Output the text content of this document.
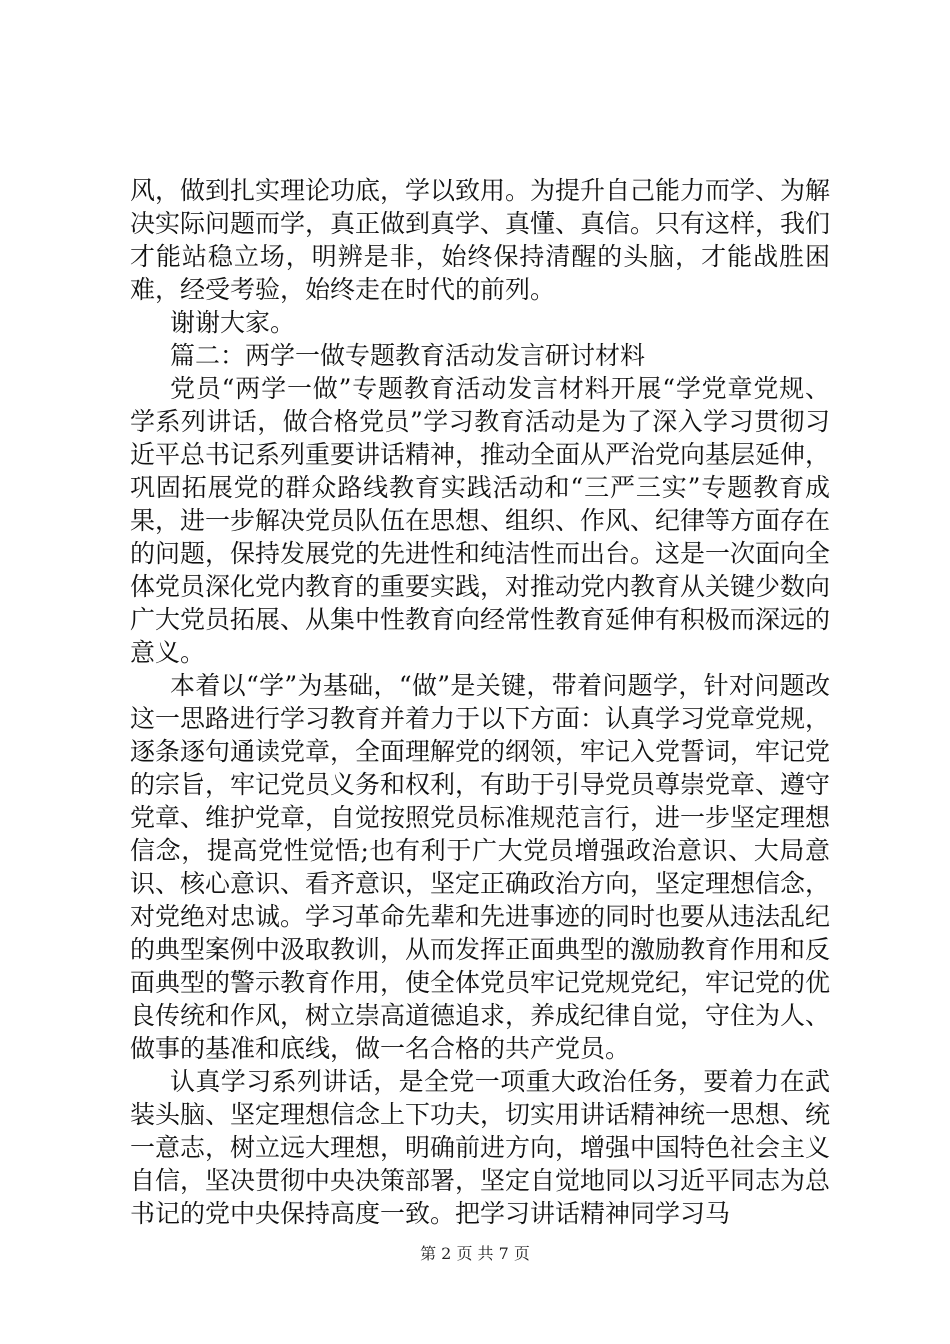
风，做到扎实理论功底，学以致用。为提升自己能力而学、为解决实际问题而学，真正做到真学、真懂、真信。只有这样，我们才能站稳立场，明辨是非，始终保持清醒的头脑，才能战胜困难，经受考验，始终走在时代的前列。

谢谢大家。

篇二：两学一做专题教育活动发言研讨材料

党员“两学一做”专题教育活动发言材料开展“学党章党规、学系列讲话，做合格党员”学习教育活动是为了深入学习贯彻习近平总书记系列重要讲话精神，推动全面从严治党向基层延伸，巩固拓展党的群众路线教育实践活动和“三严三实”专题教育成果，进一步解决党员队伍在思想、组织、作风、纪律等方面存在的问题，保持发展党的先进性和纯洁性而出台。这是一次面向全体党员深化党内教育的重要实践，对推动党内教育从关键少数向广大党员拓展、从集中性教育向经常性教育延伸有积极而深远的意义。

本着以“学”为基础，“做”是关键，带着问题学，针对问题改这一思路进行学习教育并着力于以下方面：认真学习党章党规，逐条逐句通读党章，全面理解党的纲领，牢记入党誓词，牢记党的宗旨，牢记党员义务和权利，有助于引导党员尊崇党章、遵守党章、维护党章，自觉按照党员标准规范言行，进一步坚定理想信念，提高党性觉悟;也有利于广大党员增强政治意识、大局意识、核心意识、看齐意识，坚定正确政治方向，坚定理想信念，对党绝对忠诚。学习革命先辈和先进事迹的同时也要从违法乱纪的典型案例中汲取教训，从而发挥正面典型的激励教育作用和反面典型的警示教育作用，使全体党员牢记党规党纪，牢记党的优良传统和作风，树立崇高道德追求，养成纪律自觉，守住为人、做事的基准和底线，做一名合格的共产党员。

认真学习系列讲话，是全党一项重大政治任务，要着力在武装头脑、坚定理想信念上下功夫，切实用讲话精神统一思想、统一意志，树立远大理想，明确前进方向，增强中国特色社会主义自信，坚决贯彻中央决策部署，坚定自觉地同以习近平同志为总书记的党中央保持高度一致。把学习讲话精神同学习马

第 2 页 共 7 页
